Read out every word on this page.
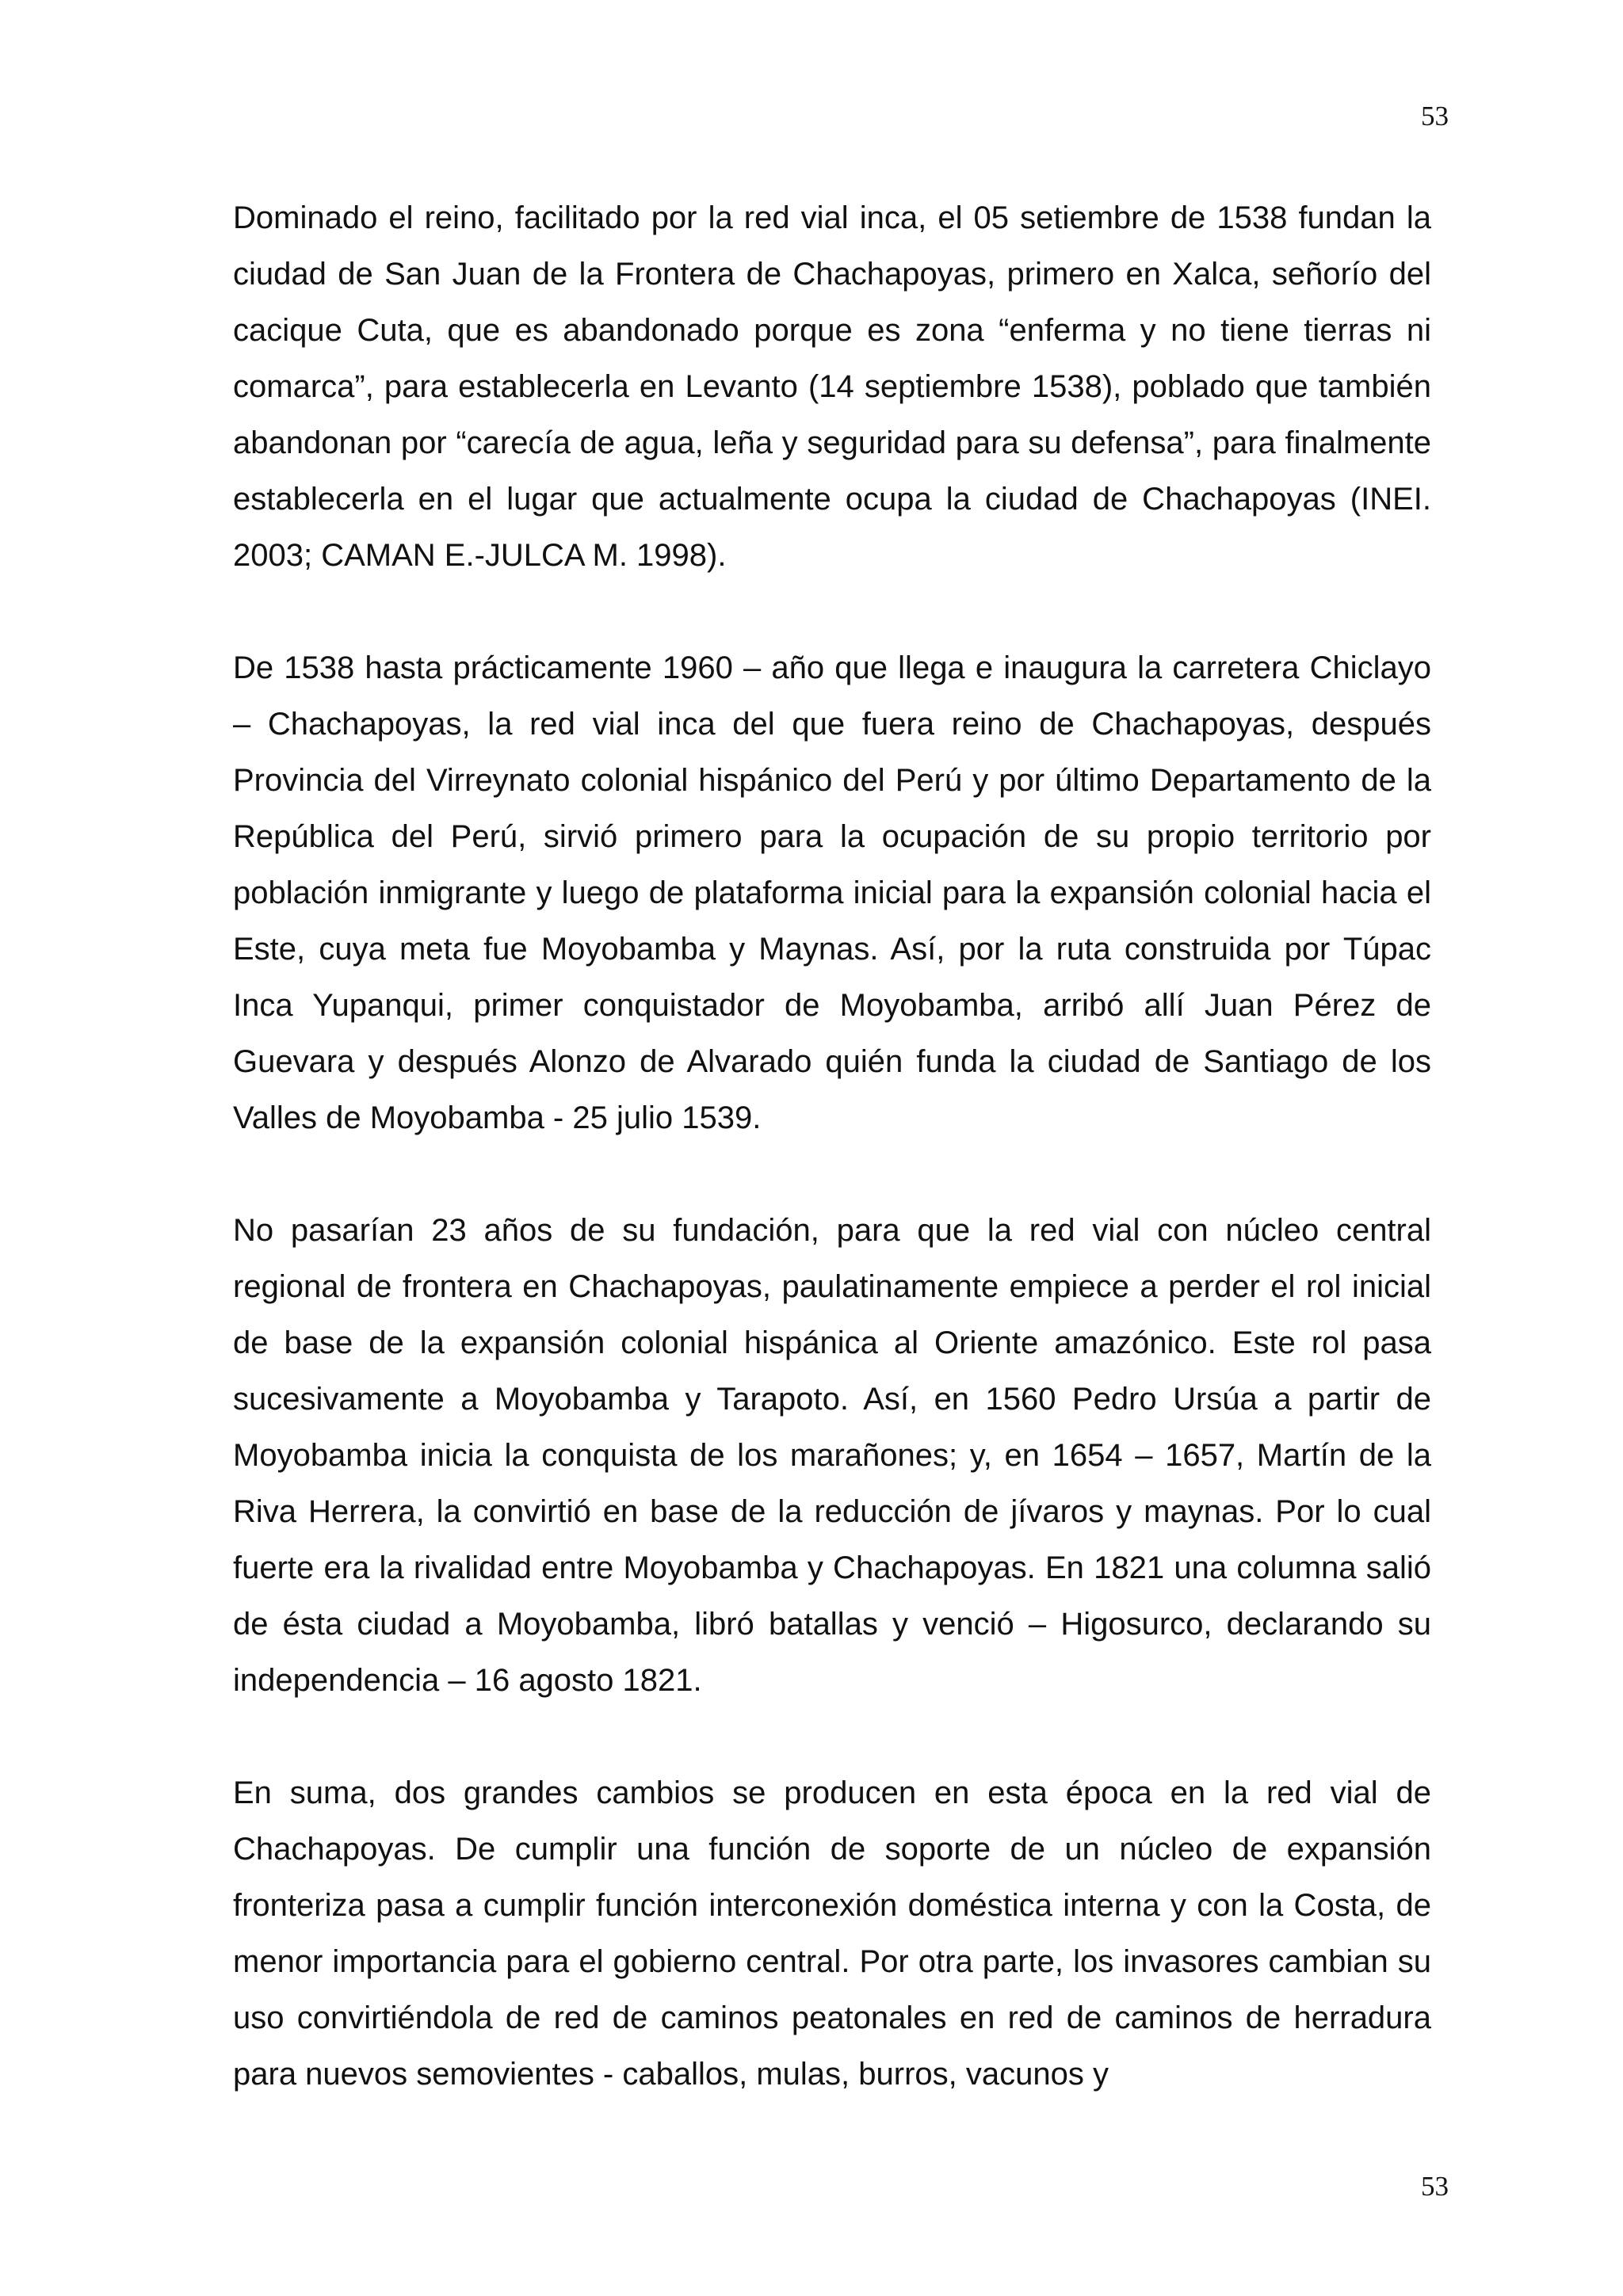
53

Dominado el reino, facilitado por la red vial inca, el 05 setiembre de 1538 fundan la ciudad de San Juan de la Frontera de Chachapoyas, primero en Xalca, señorío del cacique Cuta, que es abandonado porque es zona “enferma y no tiene tierras ni comarca”, para establecerla en Levanto (14 septiembre 1538), poblado que también abandonan por “carecía de agua, leña y seguridad para su defensa”, para finalmente establecerla en el lugar que actualmente ocupa la ciudad de Chachapoyas (INEI. 2003; CAMAN E.-JULCA M. 1998).

De 1538 hasta prácticamente 1960 – año que llega e inaugura la carretera Chiclayo – Chachapoyas, la red vial inca del que fuera reino de Chachapoyas, después Provincia del Virreynato colonial hispánico del Perú y por último Departamento de la República del Perú, sirvió primero para la ocupación de su propio territorio por población inmigrante y luego de plataforma inicial para la expansión colonial hacia el Este, cuya meta fue Moyobamba y Maynas. Así, por la ruta construida por Túpac Inca Yupanqui, primer conquistador de Moyobamba, arribó allí Juan Pérez de Guevara y después Alonzo de Alvarado quién funda la ciudad de Santiago de los Valles de Moyobamba - 25 julio 1539.

No pasarían 23 años de su fundación, para que la red vial con núcleo central regional de frontera en Chachapoyas, paulatinamente empiece a perder el rol inicial de base de la expansión colonial hispánica al Oriente amazónico. Este rol pasa sucesivamente a Moyobamba y Tarapoto. Así, en 1560 Pedro Ursúa a partir de Moyobamba inicia la conquista de los marañones; y, en 1654 – 1657, Martín de la Riva Herrera, la convirtió en base de la reducción de jívaros y maynas. Por lo cual fuerte era la rivalidad entre Moyobamba y Chachapoyas. En 1821 una columna salió de ésta ciudad a Moyobamba, libró batallas y venció – Higosurco, declarando su independencia – 16 agosto 1821.

En suma, dos grandes cambios se producen en esta época en la red vial de Chachapoyas. De cumplir una función de soporte de un núcleo de expansión fronteriza pasa a cumplir función interconexión doméstica interna y con la Costa, de menor importancia para el gobierno central. Por otra parte, los invasores cambian su uso convirtiéndola de red de caminos peatonales en red de caminos de herradura para nuevos semovientes - caballos, mulas, burros, vacunos y

53
